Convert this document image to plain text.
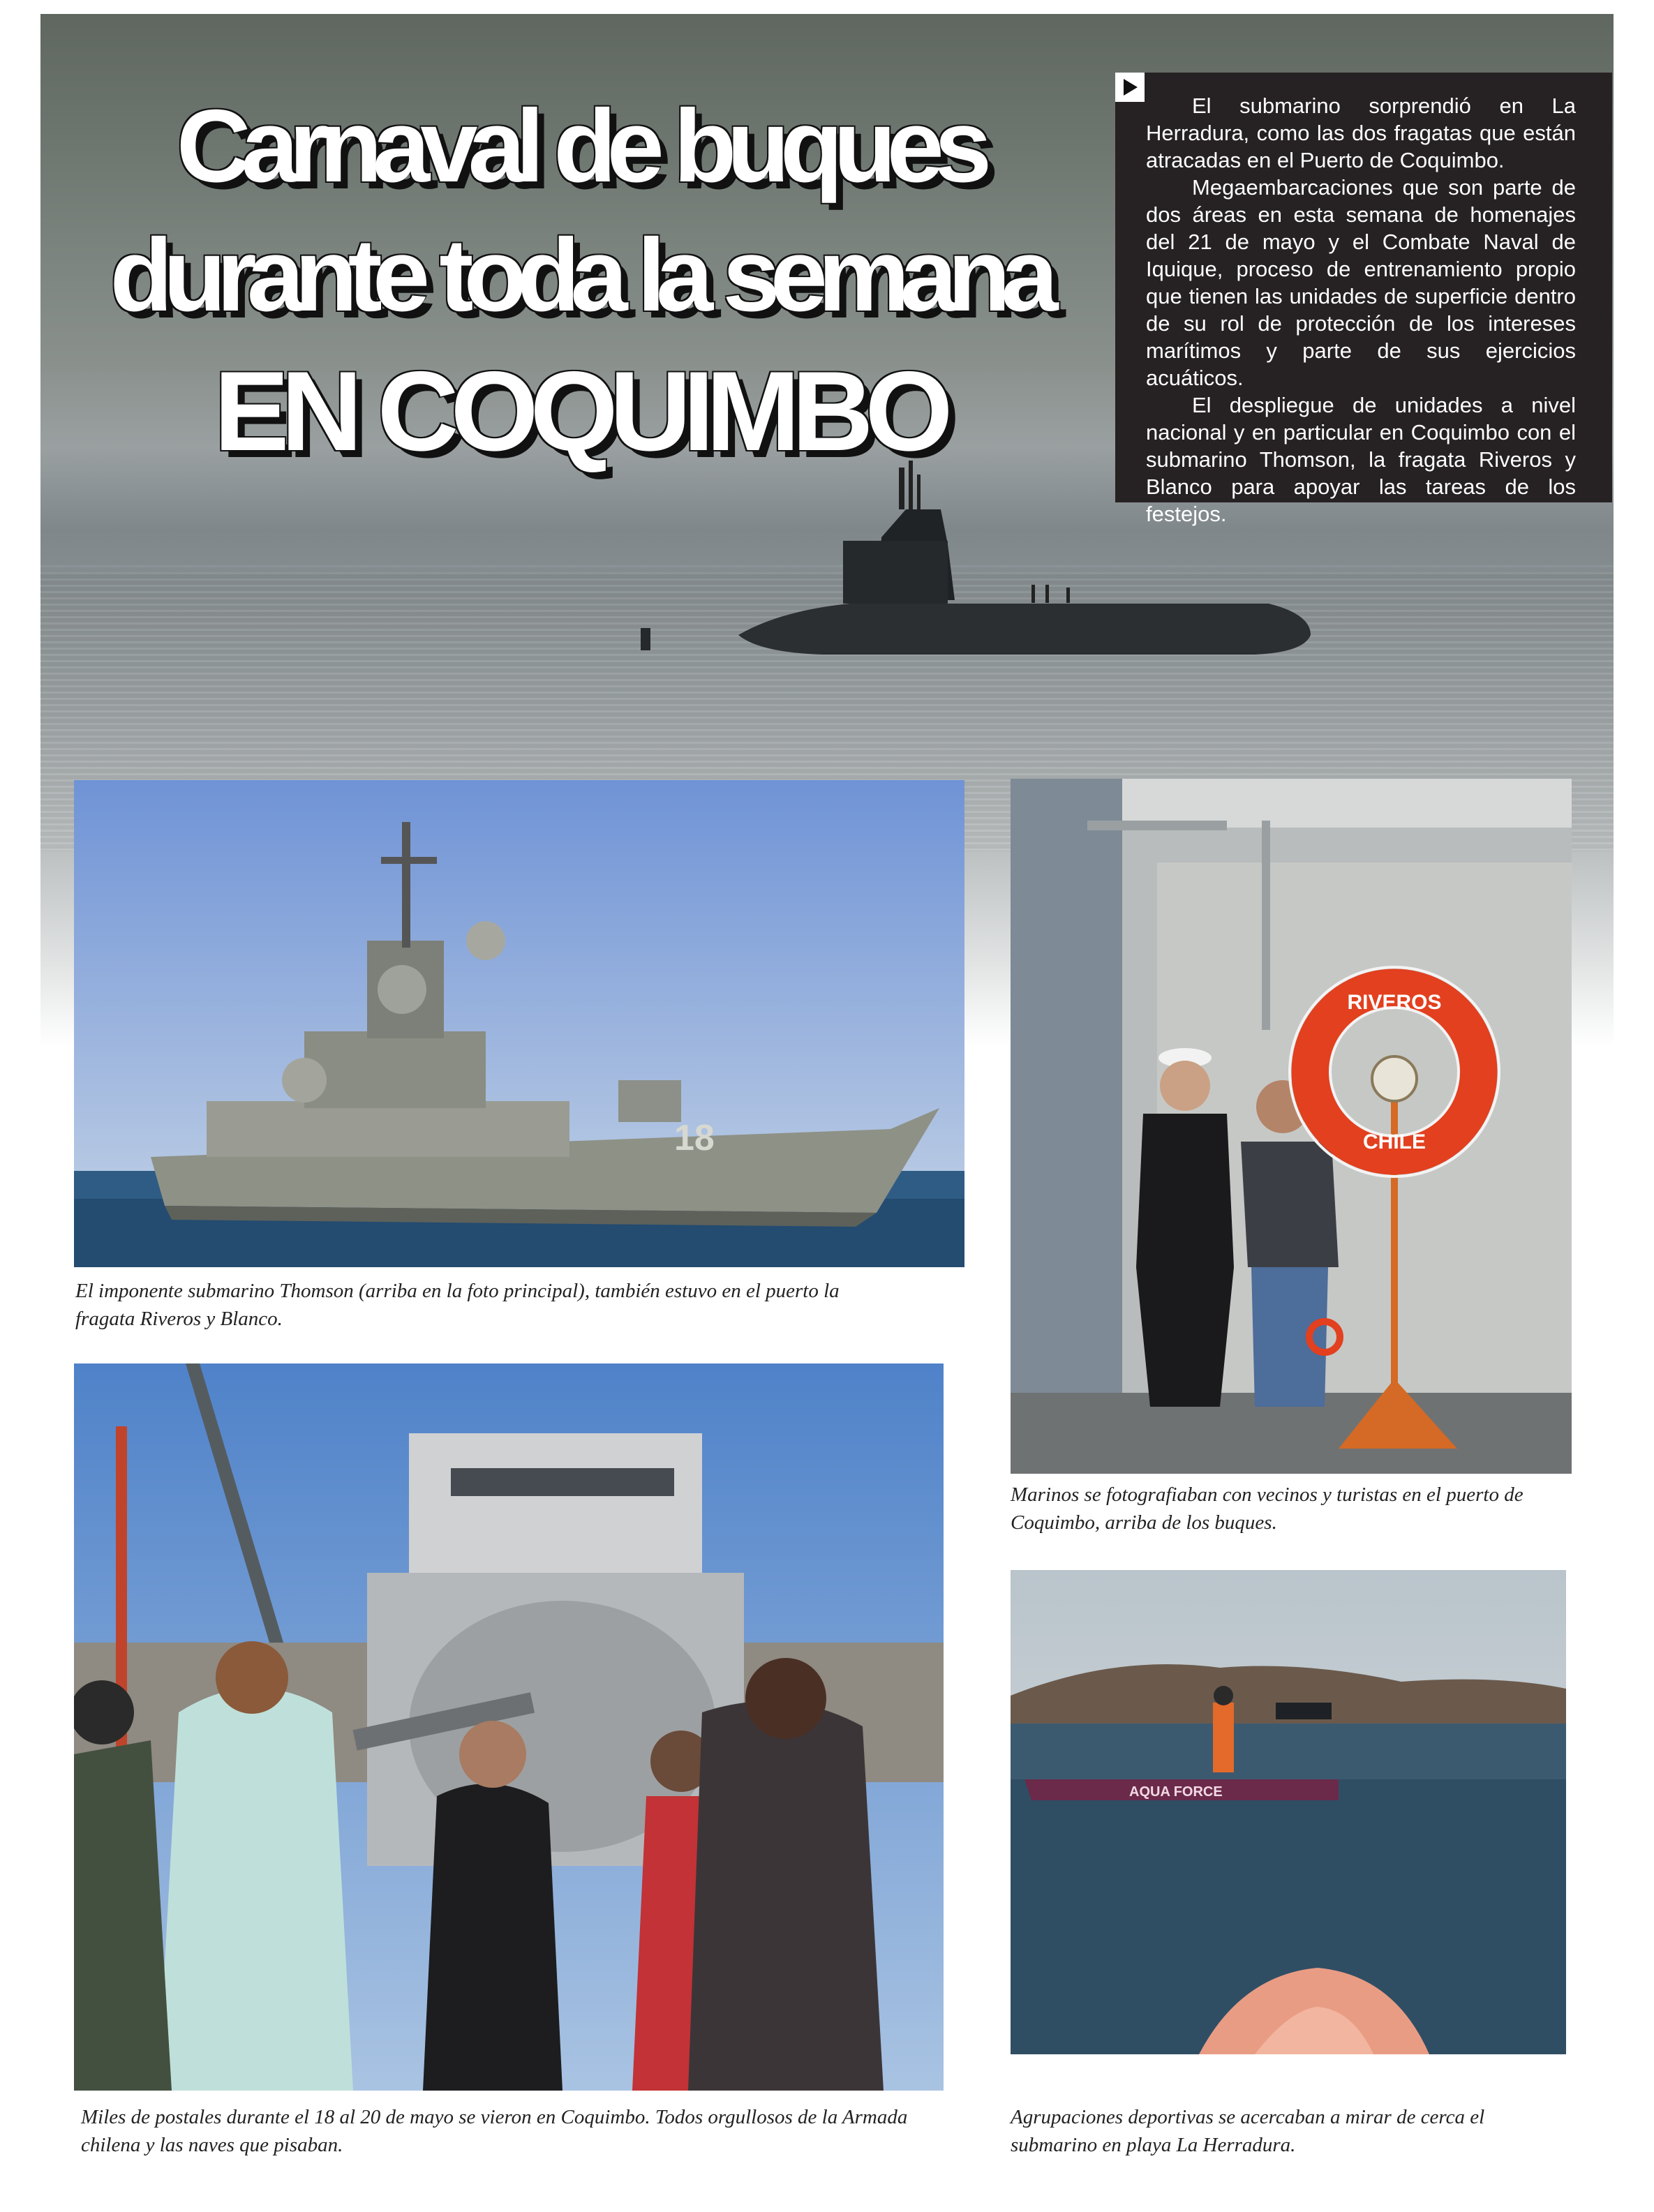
Carnaval de buques
durante toda la semana
EN COQUIMBO

El submarino sorprendió en La Herradura, como las dos fragatas que están atracadas en el Puerto de Coquimbo.

Megaembarcaciones que son parte de dos áreas en esta semana de homenajes del 21 de mayo y el Combate Naval de Iquique, proceso de entrenamiento propio que tienen las unidades de superficie dentro de su rol de protección de los intereses marítimos y parte de sus ejercicios acuáticos.

El despliegue de unidades a nivel nacional y en particular en Coquimbo con el submarino Thomson, la fragata Riveros y Blanco para apoyar las tareas de los festejos.

18

El imponente submarino Thomson (arriba en la foto principal), también estuvo en el puerto la fragata Riveros y Blanco.

RIVEROS
CHILE

Marinos se fotografiaban con vecinos y turistas en el puerto de Coquimbo, arriba de los buques.

Miles de postales durante el 18 al 20 de mayo se vieron en Coquimbo. Todos orgullosos de la Armada chilena y las naves que pisaban.

AQUA FORCE

Agrupaciones deportivas se acercaban a mirar de cerca el submarino en playa La Herradura.
